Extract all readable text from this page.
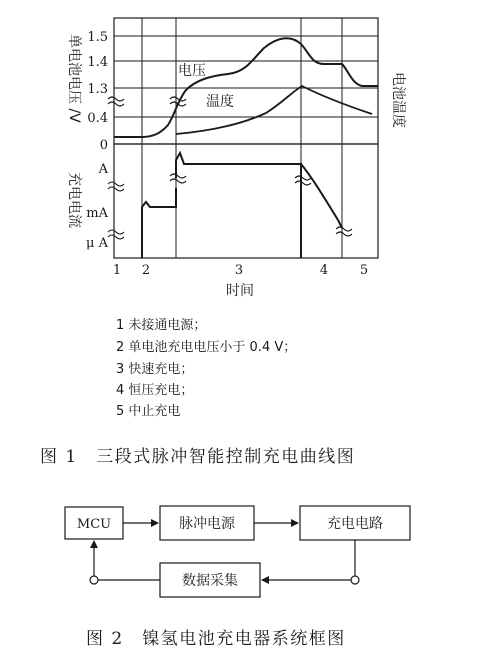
电压
温度
单电池电压 /V	电池温度
充电电流
时间
1.5
1.4
1.3
0.4
0
A
mA
μ A
1 2	3	4 5
1 未接通电源；
2 单电池充电电压小于 0.4 V；
3 快速充电；
4 恒压充电；
5 中止充电
图 1　三段式脉冲智能控制充电曲线图
MCU	脉冲电源	充电电路
数据采集
图 2　镍氢电池充电器系统框图
